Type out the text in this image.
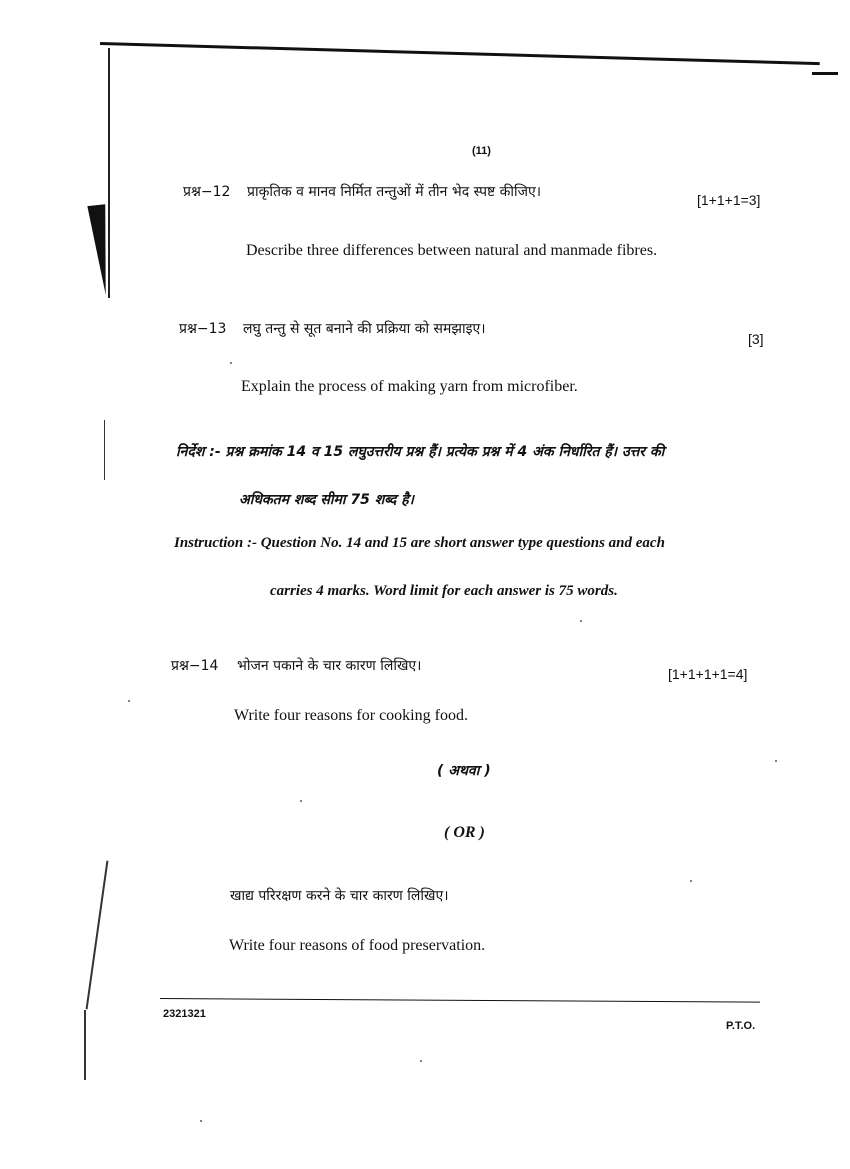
(11)
प्रश्न−12 प्राकृतिक व मानव निर्मित तन्तुओं में तीन भेद स्पष्ट कीजिए।	[1+1+1=3]
Describe three differences between natural and manmade fibres.
प्रश्न−13 लघु तन्तु से सूत बनाने की प्रक्रिया को समझाइए।
[3]
Explain the process of making yarn from microfiber.
निर्देश :- प्रश्न क्रमांक 14 व 15 लघुउत्तरीय प्रश्न हैं। प्रत्येक प्रश्न में 4 अंक निर्धारित हैं। उत्तर की
अधिकतम शब्द सीमा 75 शब्द है।
Instruction :- Question No. 14 and 15 are short answer type questions and each
carries 4 marks. Word limit for each answer is 75 words.
प्रश्न−14 भोजन पकाने के चार कारण लिखिए।	[1+1+1+1=4]
Write four reasons for cooking food.
( अथवा )
( OR )
खाद्य परिरक्षण करने के चार कारण लिखिए।
Write four reasons of food preservation.
2321321
P.T.O.
